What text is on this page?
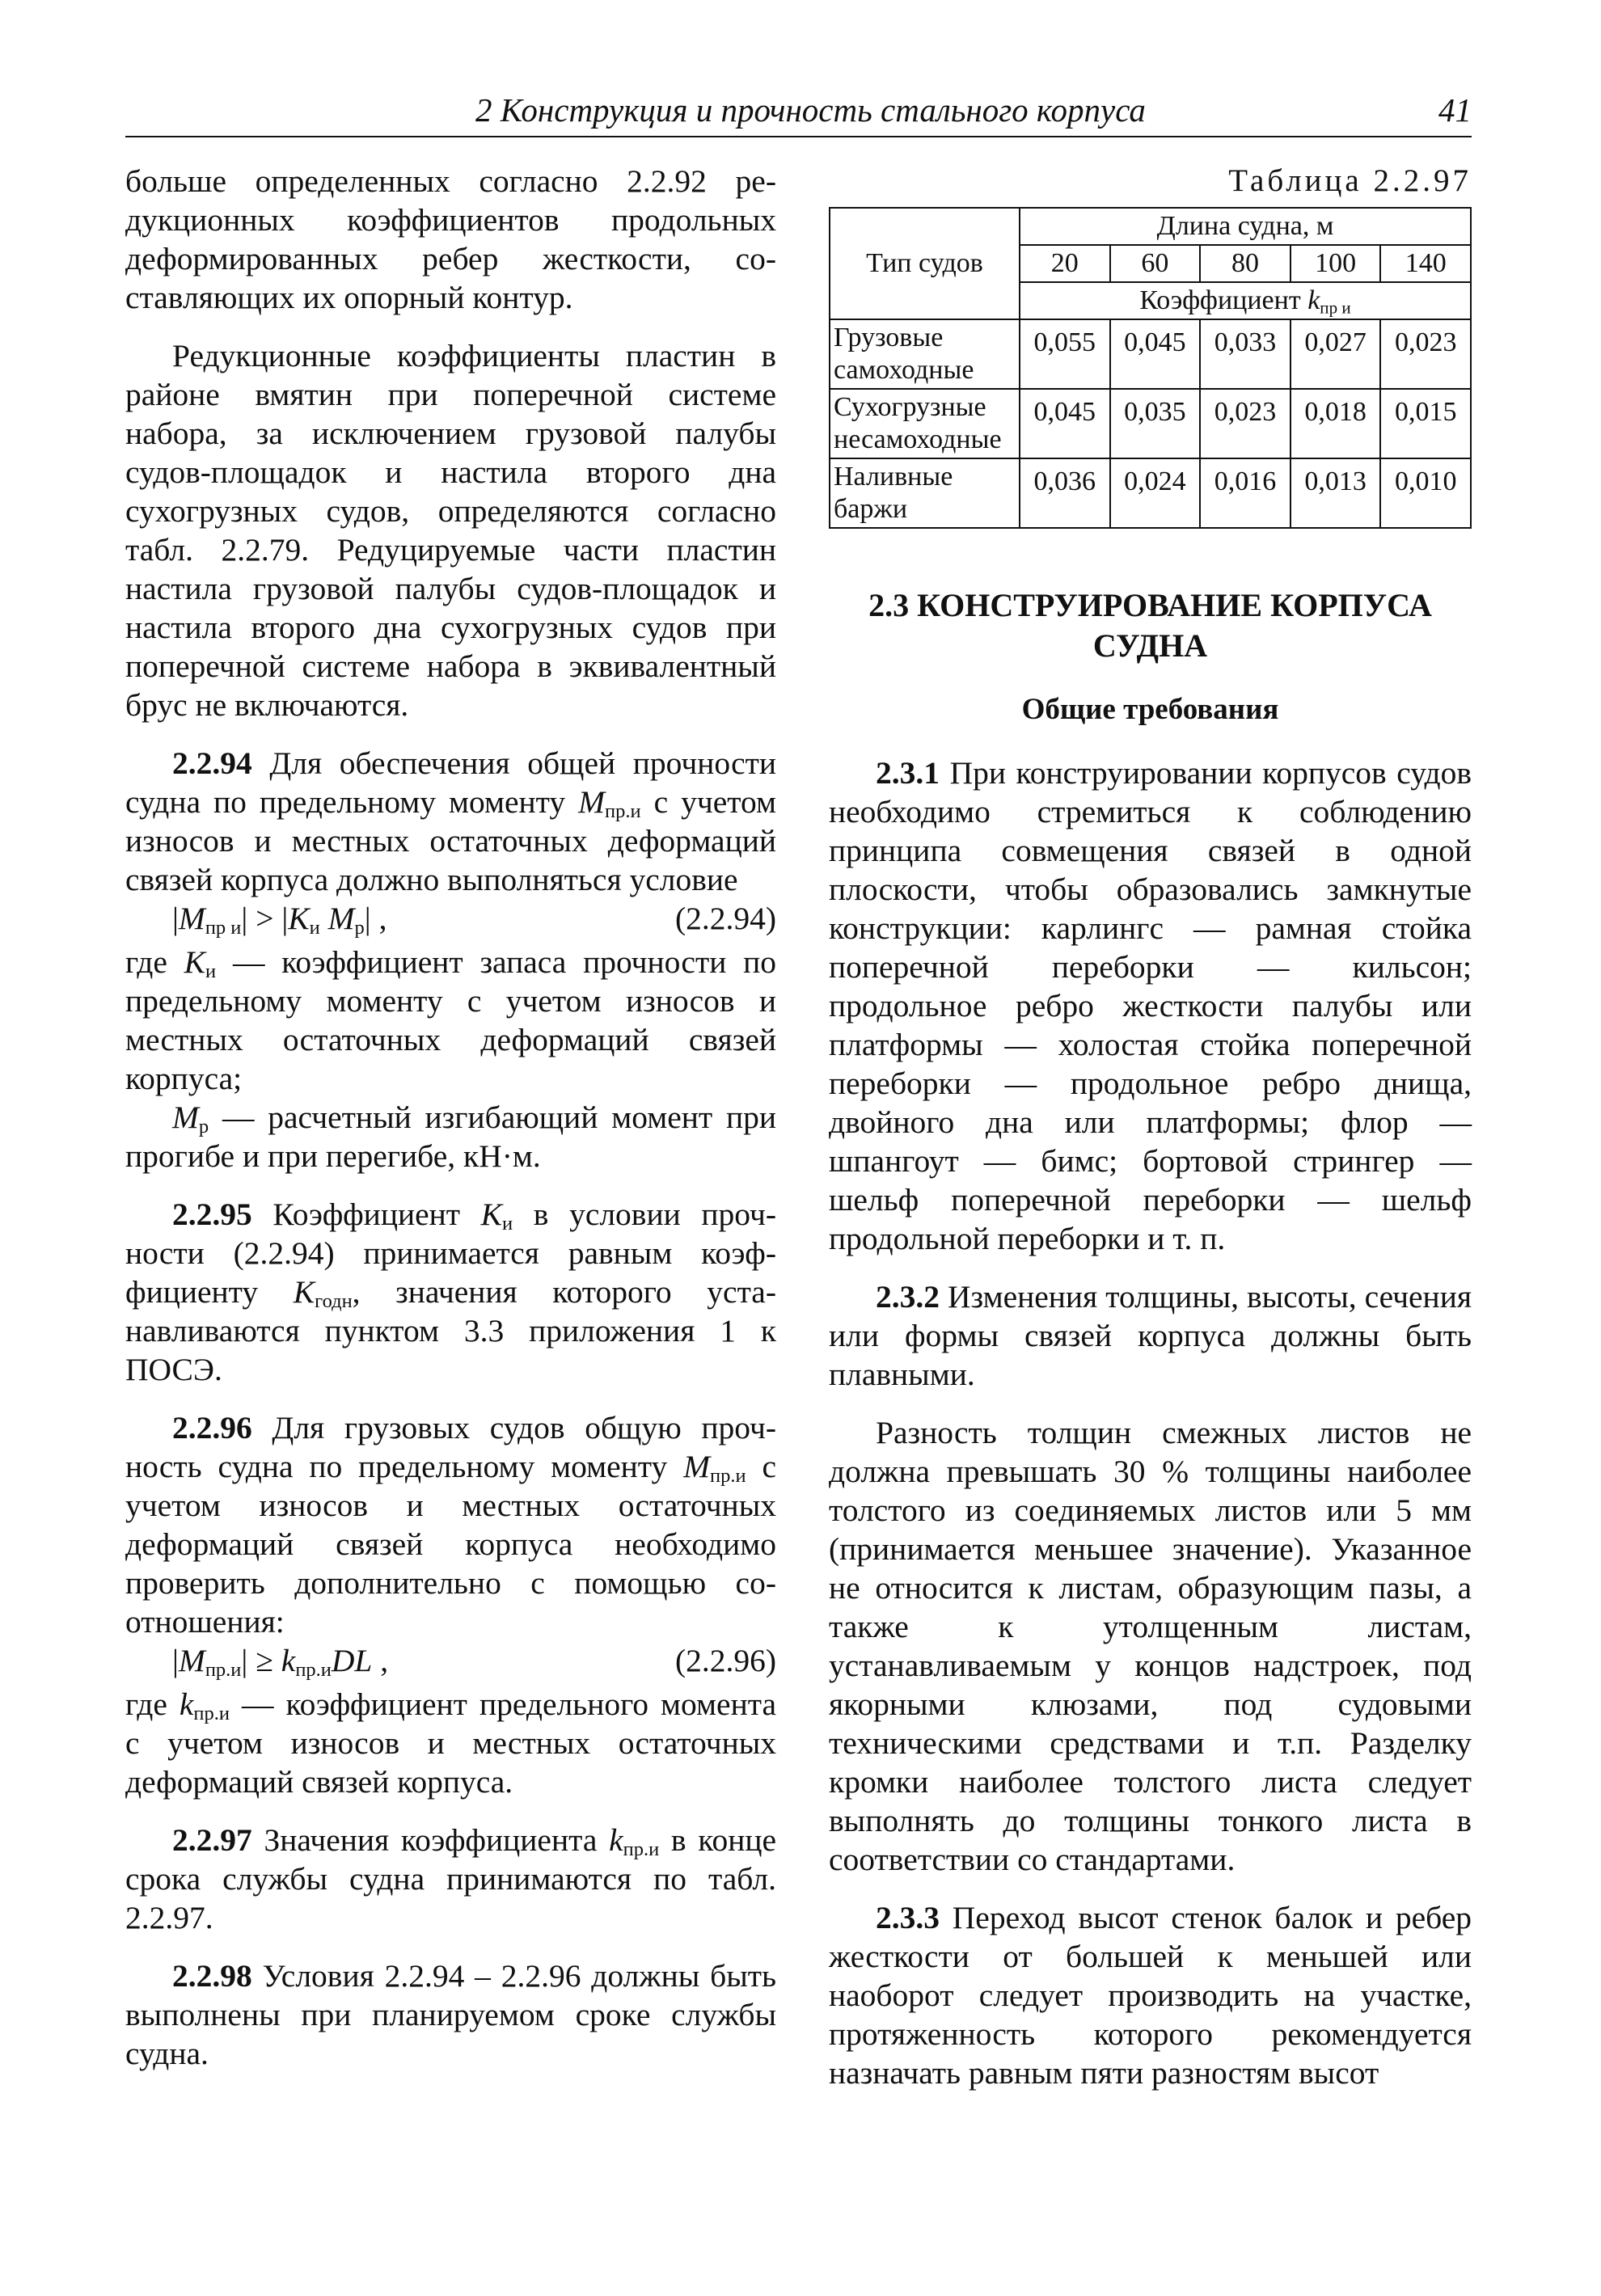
2 Конструкция и прочность стального корпуса	41

больше определенных согласно 2.2.92 редукционных коэффициентов продольных деформированных ребер жесткости, составляющих их опорный контур.

Редукционные коэффициенты пластин в районе вмятин при поперечной системе набора, за исключением грузовой палубы судов-площадок и настила второго дна сухогрузных судов, определяются согласно табл. 2.2.79. Редуцируемые части пластин настила грузовой палубы судов-площадок и настила второго дна сухогрузных судов при поперечной системе набора в эквивалентный брус не включаются.

2.2.94 Для обеспечения общей прочности судна по предельному моменту $M_{пр.и}$ с учетом износов и местных остаточных деформаций связей корпуса должно выполняться условие

$|M_{пр и}| > |K_и$ $M_р|$ ,	(2.2.94)

где $K_и$ — коэффициент запаса прочности по предельному моменту с учетом износов и местных остаточных деформаций связей корпуса;

$M_р$ — расчетный изгибающий момент при прогибе и при перегибе, кН·м.

2.2.95 Коэффициент $K_и$ в условии прочности (2.2.94) принимается равным коэффициенту $K_{годн}$, значения которого устанавливаются пунктом 3.3 приложения 1 к ПОСЭ.

2.2.96 Для грузовых судов общую прочность судна по предельному моменту $M_{пр.и}$ с учетом износов и местных остаточных деформаций связей корпуса необходимо проверить дополнительно с помощью соотношения:

$|M_{пр.и}| \ge k_{пр.и}DL$ ,	(2.2.96)

где $k_{пр.и}$ — коэффициент предельного момента с учетом износов и местных остаточных деформаций связей корпуса.

2.2.97 Значения коэффициента $k_{пр.и}$ в конце срока службы судна принимаются по табл. 2.2.97.

2.2.98 Условия 2.2.94 – 2.2.96 должны быть выполнены при планируемом сроке службы судна.

Таблица 2.2.97
Тип судов	Длина судна, м				
	20	60	80	100	140
	Коэффициент $k_{пр и}$
Грузовые самоходные	0,055	0,045	0,033	0,027	0,023
Сухогрузные несамоходные	0,045	0,035	0,023	0,018	0,015
Наливные баржи	0,036	0,024	0,016	0,013	0,010
2.3 КОНСТРУИРОВАНИЕ КОРПУСА СУДНА
Общие требования

2.3.1 При конструировании корпусов судов необходимо стремиться к соблюдению принципа совмещения связей в одной плоскости, чтобы образовались замкнутые конструкции: карлингс — рамная стойка поперечной переборки — кильсон; продольное ребро жесткости палубы или платформы — холостая стойка поперечной переборки — продольное ребро днища, двойного дна или платформы; флор — шпангоут — бимс; бортовой стрингер — шельф поперечной переборки — шельф продольной переборки и т. п.

2.3.2 Изменения толщины, высоты, сечения или формы связей корпуса должны быть плавными.

Разность толщин смежных листов не должна превышать 30 % толщины наиболее толстого из соединяемых листов или 5 мм (принимается меньшее значение). Указанное не относится к листам, образующим пазы, а также к утолщенным листам, устанавливаемым у концов надстроек, под якорными клюзами, под судовыми техническими средствами и т.п. Разделку кромки наиболее толстого листа следует выполнять до толщины тонкого листа в соответствии со стандартами.

2.3.3 Переход высот стенок балок и ребер жесткости от большей к меньшей или наоборот следует производить на участке, протяженность которого рекомендуется назначать равным пяти разностям высот
